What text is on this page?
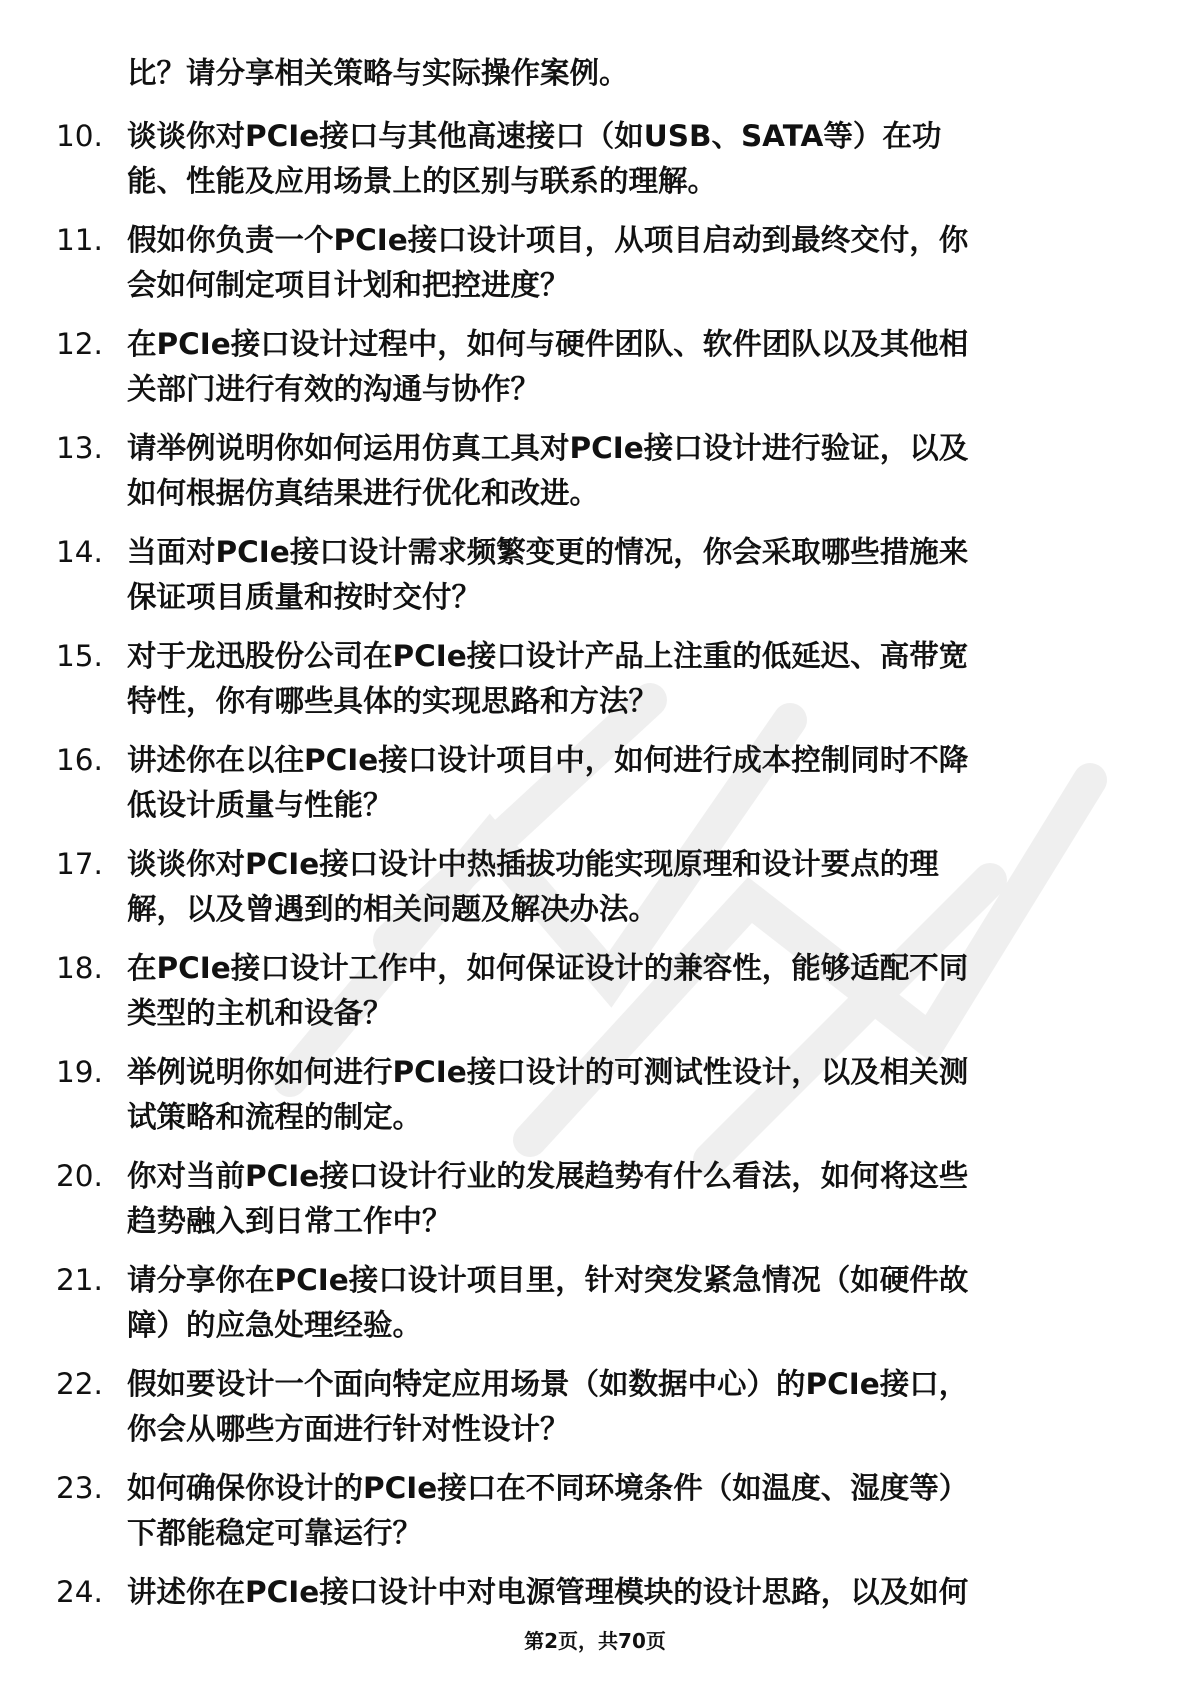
比？请分享相关策略与实际操作案例。
10. 谈谈你对PCIe接口与其他高速接口（如USB、SATA等）在功
能、性能及应用场景上的区别与联系的理解。
11. 假如你负责一个PCIe接口设计项目，从项目启动到最终交付，你
会如何制定项目计划和把控进度？
12. 在PCIe接口设计过程中，如何与硬件团队、软件团队以及其他相
关部门进行有效的沟通与协作？
13. 请举例说明你如何运用仿真工具对PCIe接口设计进行验证，以及
如何根据仿真结果进行优化和改进。
14. 当面对PCIe接口设计需求频繁变更的情况，你会采取哪些措施来
保证项目质量和按时交付？
15. 对于龙迅股份公司在PCIe接口设计产品上注重的低延迟、高带宽
特性，你有哪些具体的实现思路和方法？
16. 讲述你在以往PCIe接口设计项目中，如何进行成本控制同时不降
低设计质量与性能？
17. 谈谈你对PCIe接口设计中热插拔功能实现原理和设计要点的理
解，以及曾遇到的相关问题及解决办法。
18. 在PCIe接口设计工作中，如何保证设计的兼容性，能够适配不同
类型的主机和设备？
19. 举例说明你如何进行PCIe接口设计的可测试性设计，以及相关测
试策略和流程的制定。
20. 你对当前PCIe接口设计行业的发展趋势有什么看法，如何将这些
趋势融入到日常工作中？
21. 请分享你在PCIe接口设计项目里，针对突发紧急情况（如硬件故
障）的应急处理经验。
22. 假如要设计一个面向特定应用场景（如数据中心）的PCIe接口，
你会从哪些方面进行针对性设计？
23. 如何确保你设计的PCIe接口在不同环境条件（如温度、湿度等）
下都能稳定可靠运行？
24. 讲述你在PCIe接口设计中对电源管理模块的设计思路，以及如何
第2页，共70页
